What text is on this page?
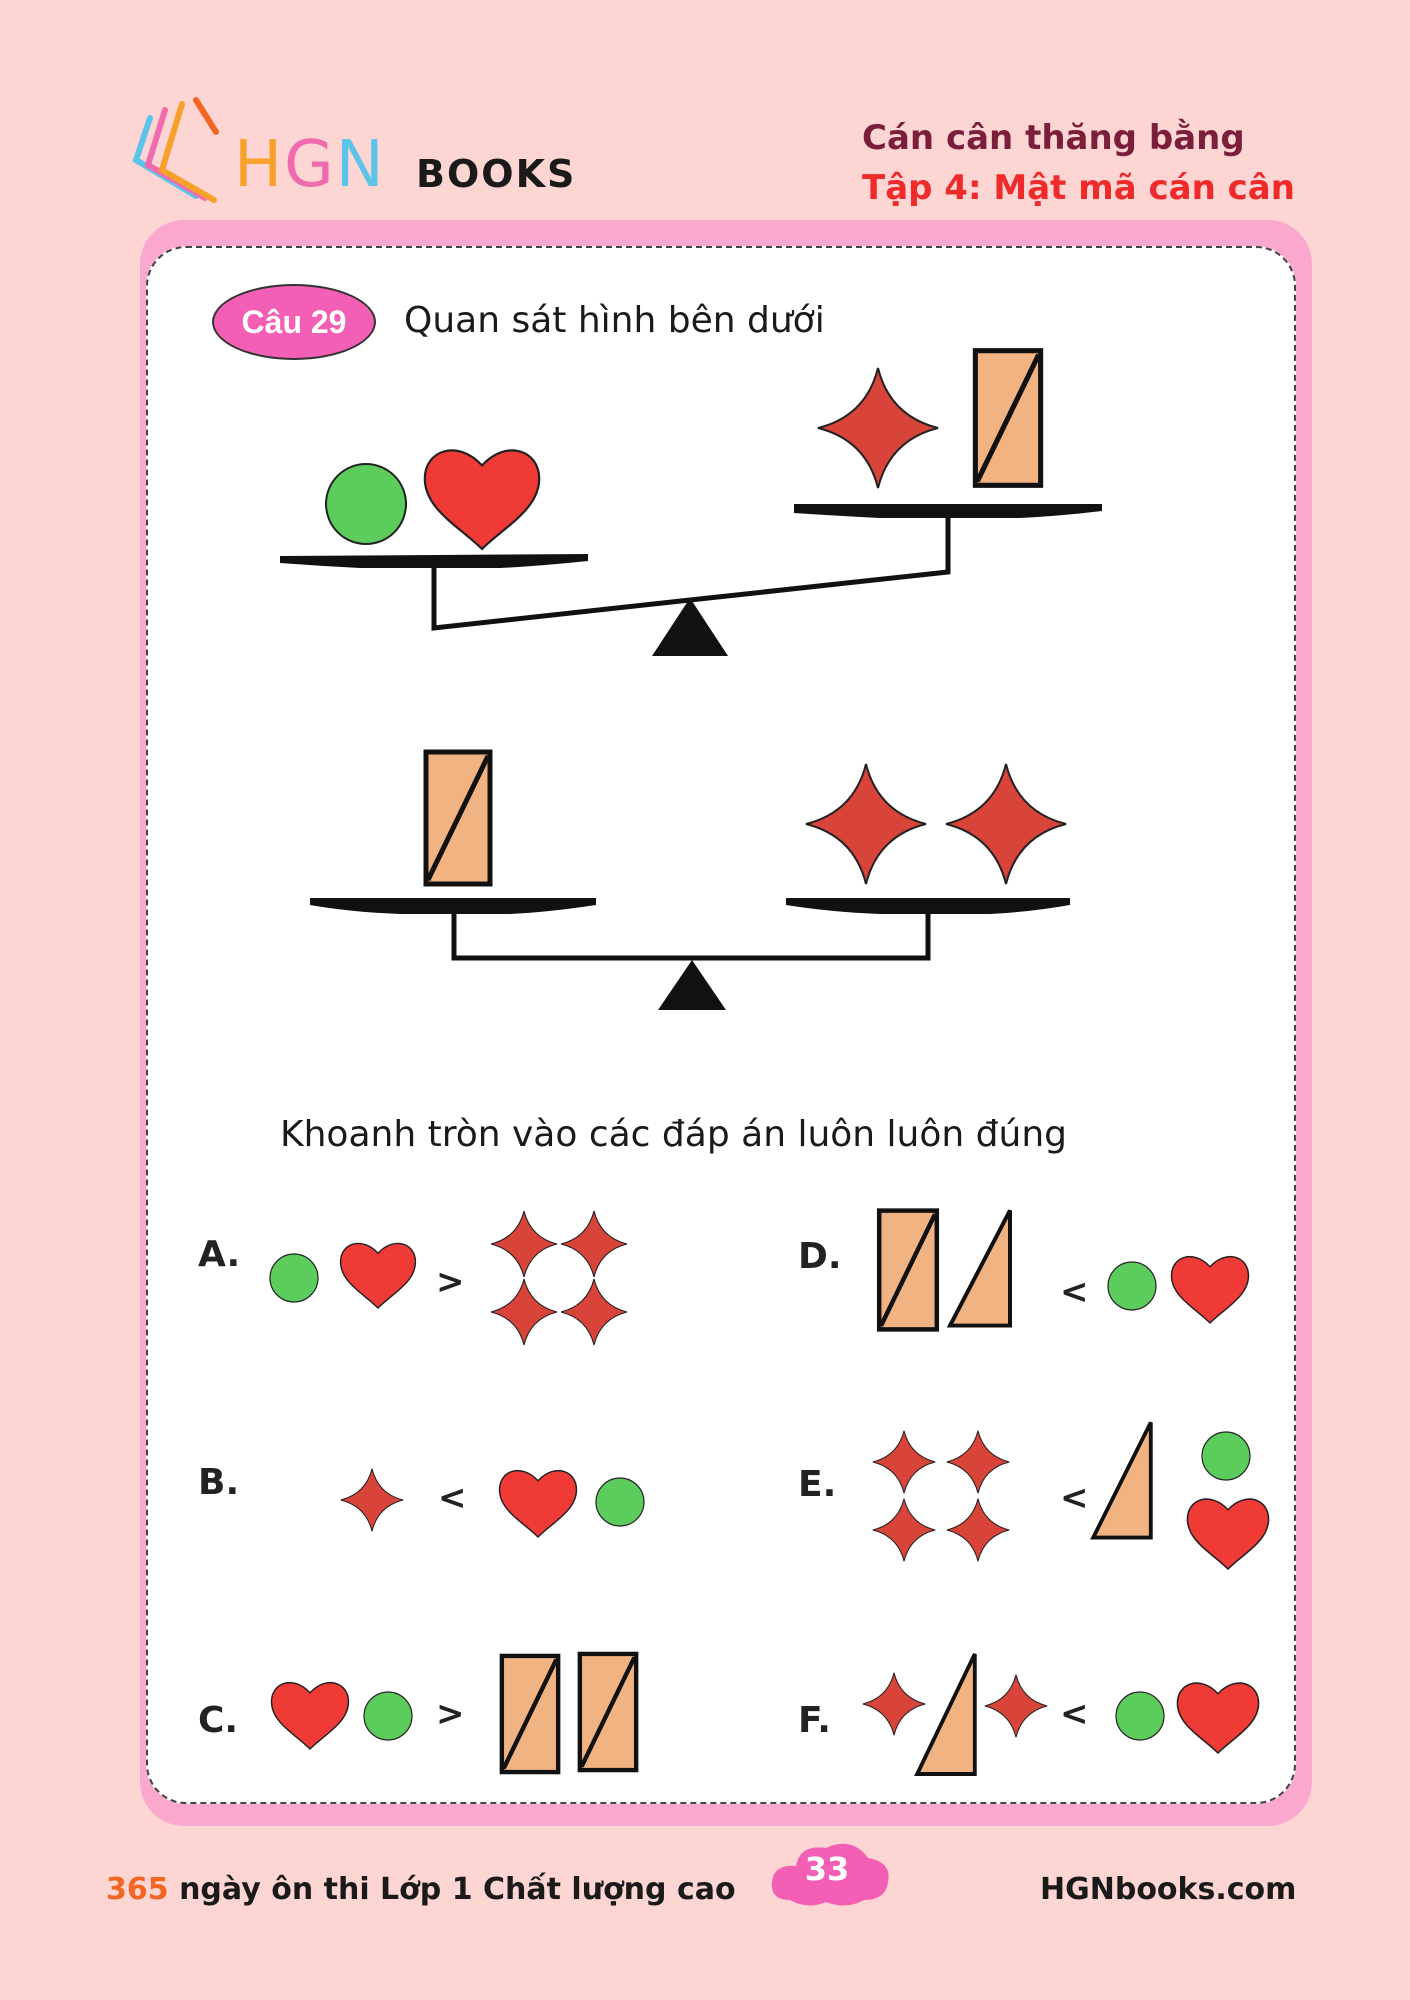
HGN BOOKS
Cán cân thăng bằng
Tập 4: Mật mã cán cân
Câu 29	Quan sát hình bên dưới
Khoanh tròn vào các đáp án luôn luôn đúng
A.
>
B.	<
C.	>
D.
<
E.	<
F.	<
365 ngày ôn thi Lớp 1 Chất lượng cao
33
HGNbooks.com
